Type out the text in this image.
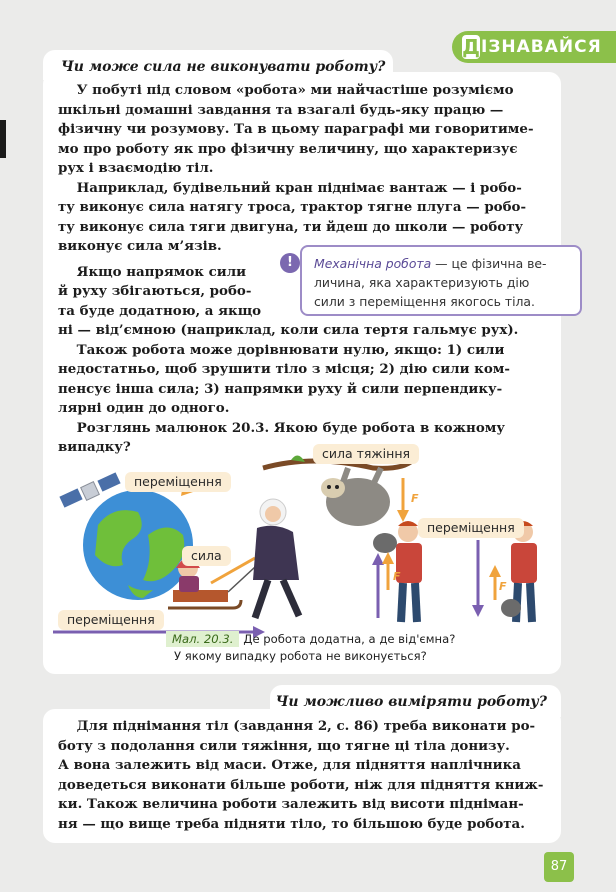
Д ІЗНАВАЙСЯ
Чи може сила не виконувати роботу?
У побуті під словом «робота» ми найчастіше розуміємо
шкільні домашні завдання та взагалі будь-яку працю —
фізичну чи розумову. Та в цьому параграфі ми говоритиме-
мо про роботу як про фізичну величину, що характеризує
рух і взаємодію тіл.
Наприклад, будівельний кран піднімає вантаж — і робо-
ту виконує сила натягу троса, трактор тягне плуга — робо-
ту виконує сила тяги двигуна, ти йдеш до школи — роботу
виконує сила м’язів.
Якщо напрямок сили
й руху збігаються, робо-
та буде додатною, а якщо
ні — від’ємною (наприклад, коли сила тертя гальмує рух).
Також робота може дорівнювати нулю, якщо: 1) сили
недостатньо, щоб зрушити тіло з місця; 2) дію сили ком-
пенсує інша сила; 3) напрямки руху й сили перпендику-
лярні один до одного.
Розглянь малюнок 20.3. Якою буде робота в кожному
випадку?
!	Механічна робота — це фізична ве-
личина, яка характеризують дію
сили з переміщення якогось тіла.
F
F
F
переміщення
сила
переміщення
сила тяжіння
переміщення
Мал. 20.3. Де робота додатна, а де від'ємна?
У якому випадку робота не виконується?
Чи можливо виміряти роботу?
Для піднімання тіл (завдання 2, с. 86) треба виконати ро-
боту з подолання сили тяжіння, що тягне ці тіла донизу.
А вона залежить від маси. Отже, для підняття наплічника
доведеться виконати більше роботи, ніж для підняття книж-
ки. Також величина роботи залежить від висоти підніман-
ня — що вище треба підняти тіло, то більшою буде робота.
87
